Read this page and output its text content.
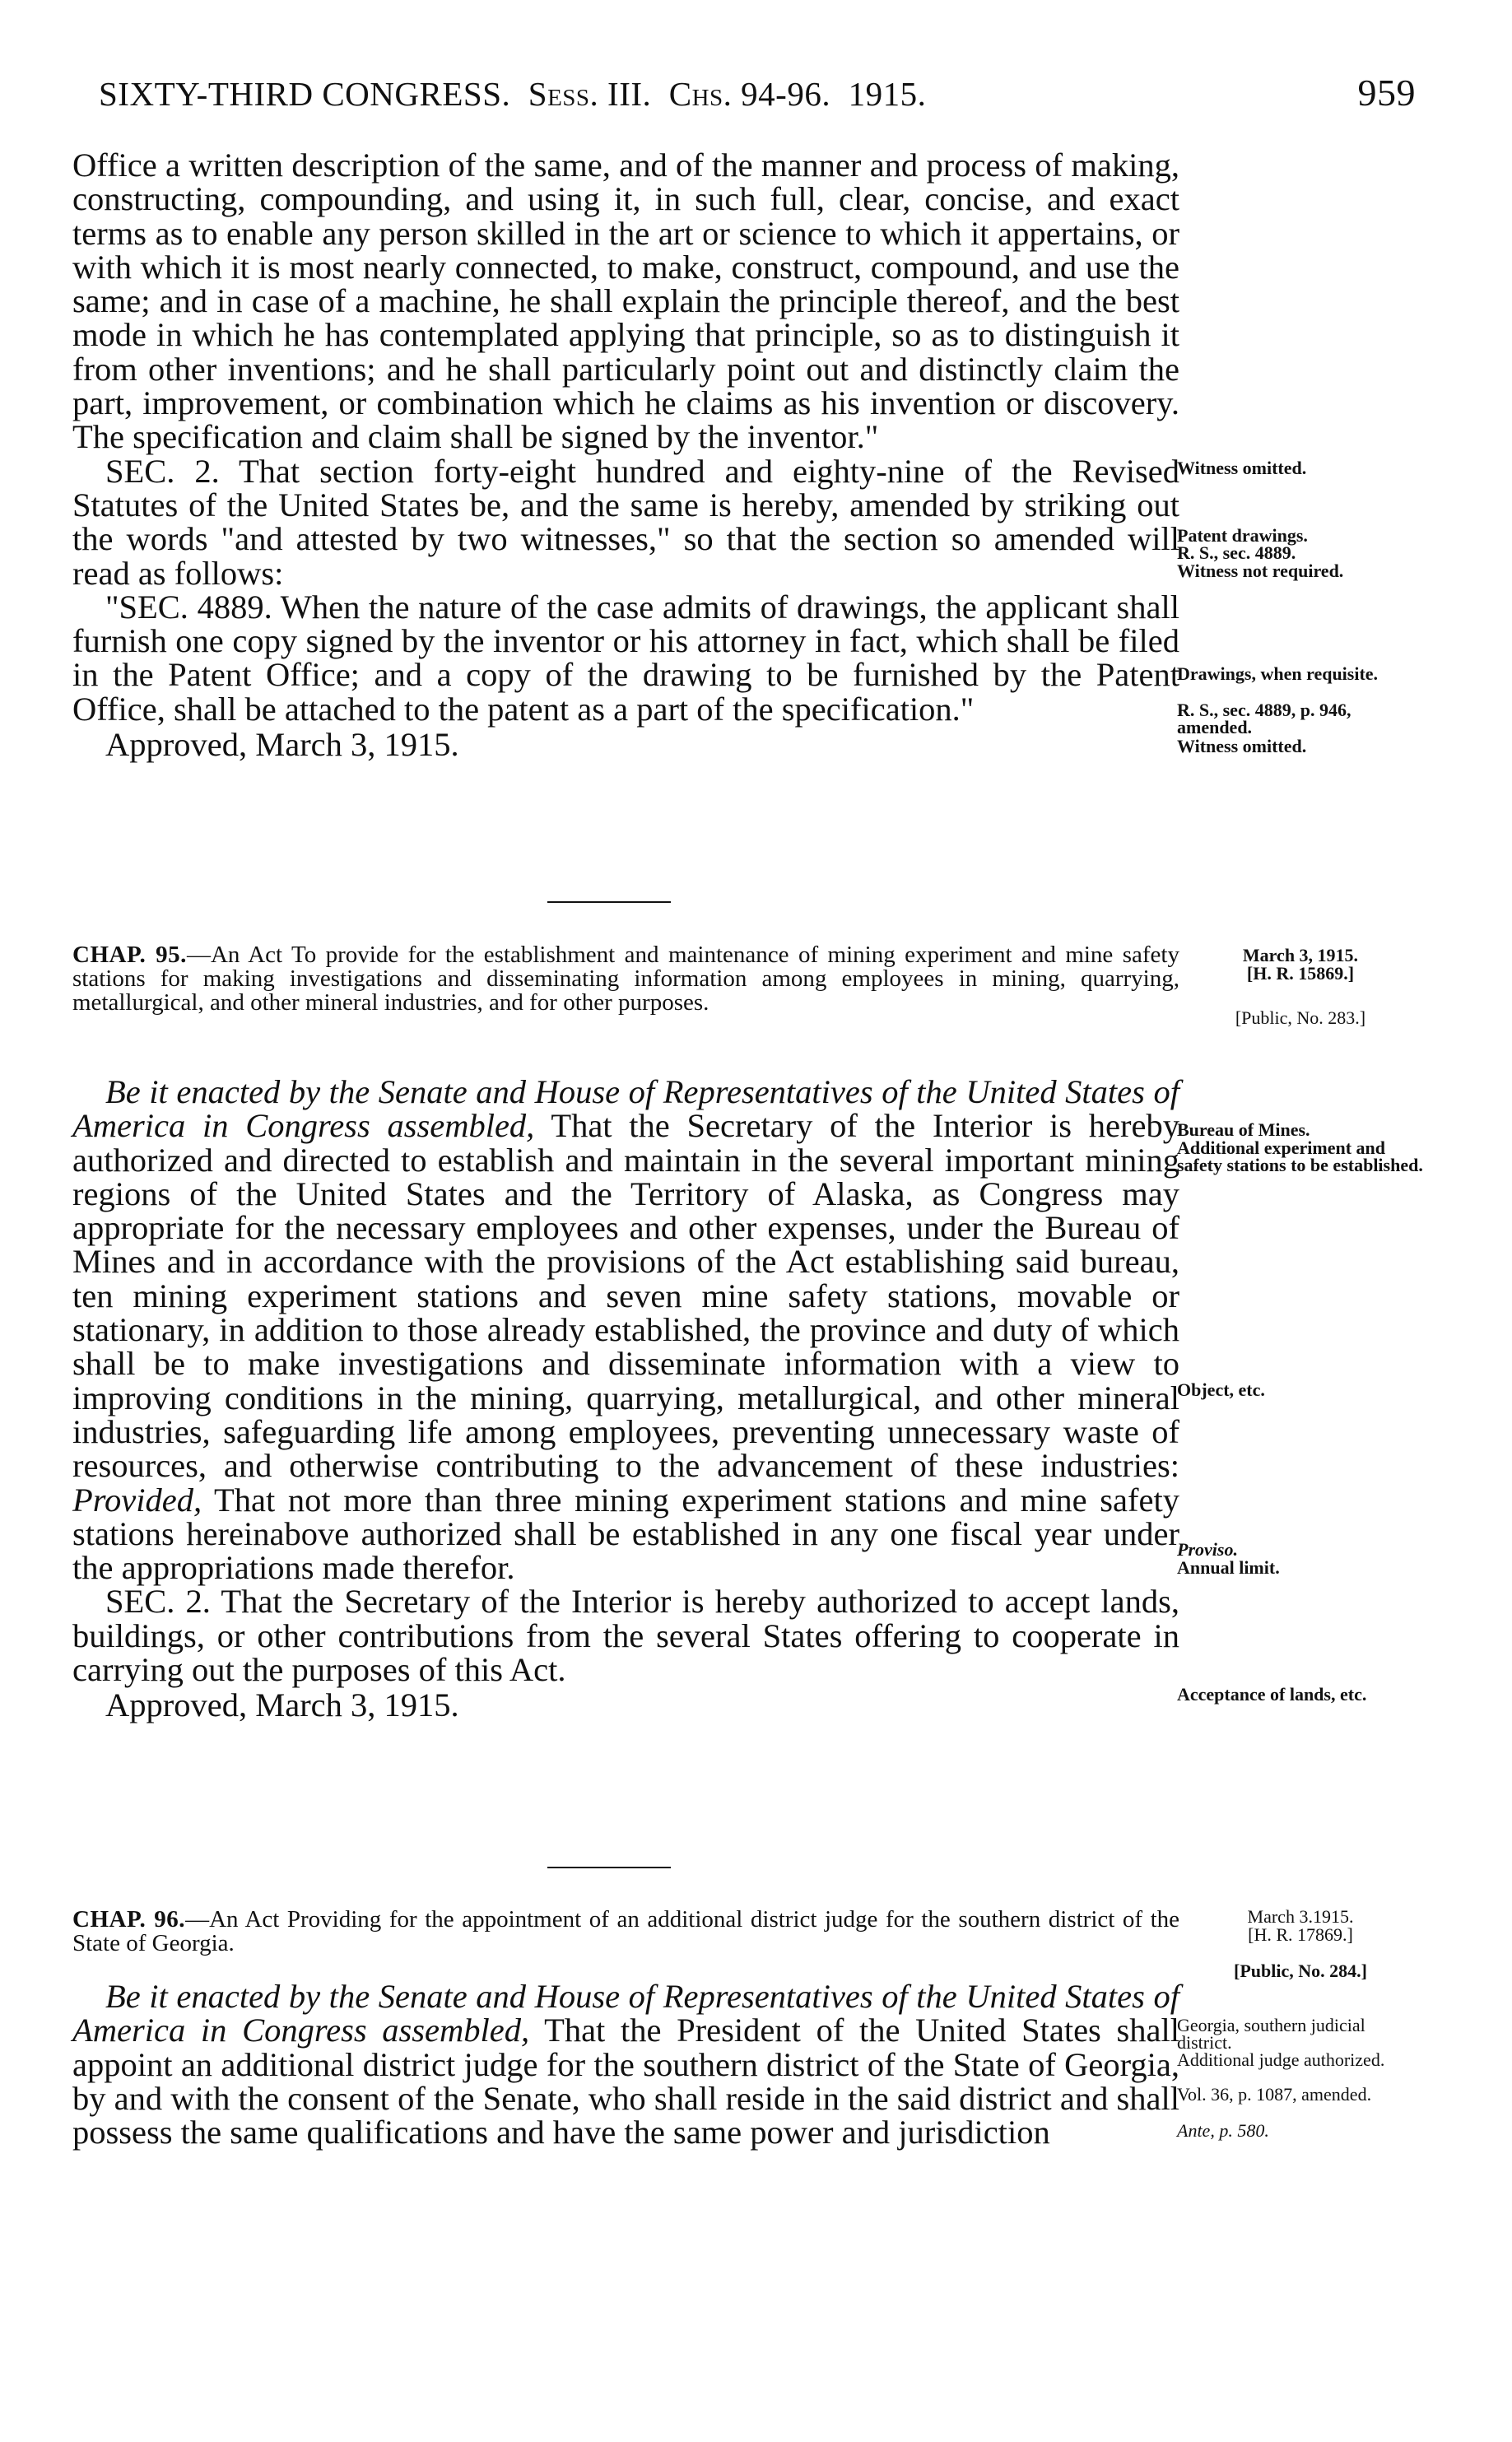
SIXTY-THIRD CONGRESS. Sess. III. Chs. 94-96. 1915.	959

Office a written description of the same, and of the manner and process of making, constructing, compounding, and using it, in such full, clear, concise, and exact terms as to enable any person skilled in the art or science to which it appertains, or with which it is most nearly connected, to make, construct, compound, and use the same; and in case of a machine, he shall explain the principle thereof, and the best mode in which he has contemplated applying that principle, so as to distinguish it from other inventions; and he shall particularly point out and distinctly claim the part, improvement, or combination which he claims as his invention or discovery. The specification and claim shall be signed by the inventor."

SEC. 2. That section forty-eight hundred and eighty-nine of the Revised Statutes of the United States be, and the same is hereby, amended by striking out the words "and attested by two witnesses," so that the section so amended will read as follows:

"SEC. 4889. When the nature of the case admits of drawings, the applicant shall furnish one copy signed by the inventor or his attorney in fact, which shall be filed in the Patent Office; and a copy of the drawing to be furnished by the Patent Office, shall be attached to the patent as a part of the specification."

Approved, March 3, 1915.

CHAP. 95.—An Act To provide for the establishment and maintenance of mining experiment and mine safety stations for making investigations and disseminating information among employees in mining, quarrying, metallurgical, and other mineral industries, and for other purposes.

Be it enacted by the Senate and House of Representatives of the United States of America in Congress assembled, That the Secretary of the Interior is hereby authorized and directed to establish and maintain in the several important mining regions of the United States and the Territory of Alaska, as Congress may appropriate for the necessary employees and other expenses, under the Bureau of Mines and in accordance with the provisions of the Act establishing said bureau, ten mining experiment stations and seven mine safety stations, movable or stationary, in addition to those already established, the province and duty of which shall be to make investigations and disseminate information with a view to improving conditions in the mining, quarrying, metallurgical, and other mineral industries, safeguarding life among employees, preventing unnecessary waste of resources, and otherwise contributing to the advancement of these industries: Provided, That not more than three mining experiment stations and mine safety stations hereinabove authorized shall be established in any one fiscal year under the appropriations made therefor.

SEC. 2. That the Secretary of the Interior is hereby authorized to accept lands, buildings, or other contributions from the several States offering to cooperate in carrying out the purposes of this Act.

Approved, March 3, 1915.

CHAP. 96.—An Act Providing for the appointment of an additional district judge for the southern district of the State of Georgia.

Be it enacted by the Senate and House of Representatives of the United States of America in Congress assembled, That the President of the United States shall appoint an additional district judge for the southern district of the State of Georgia, by and with the consent of the Senate, who shall reside in the said district and shall possess the same qualifications and have the same power and jurisdiction

Witness omitted.
Patent drawings.
R. S., sec. 4889.
Witness not required.
Drawings, when requisite.
R. S., sec. 4889, p. 946, amended.
Witness omitted.
March 3, 1915.
[H. R. 15869.]
[Public, No. 283.]
Bureau of Mines.
Additional experiment and safety stations to be established.
Object, etc.
Proviso.
Annual limit.
Acceptance of lands, etc.
March 3.1915.
[H. R. 17869.]
[Public, No. 284.]
Georgia, southern judicial district.
Additional judge authorized.
Vol. 36, p. 1087, amended.
Ante, p. 580.
